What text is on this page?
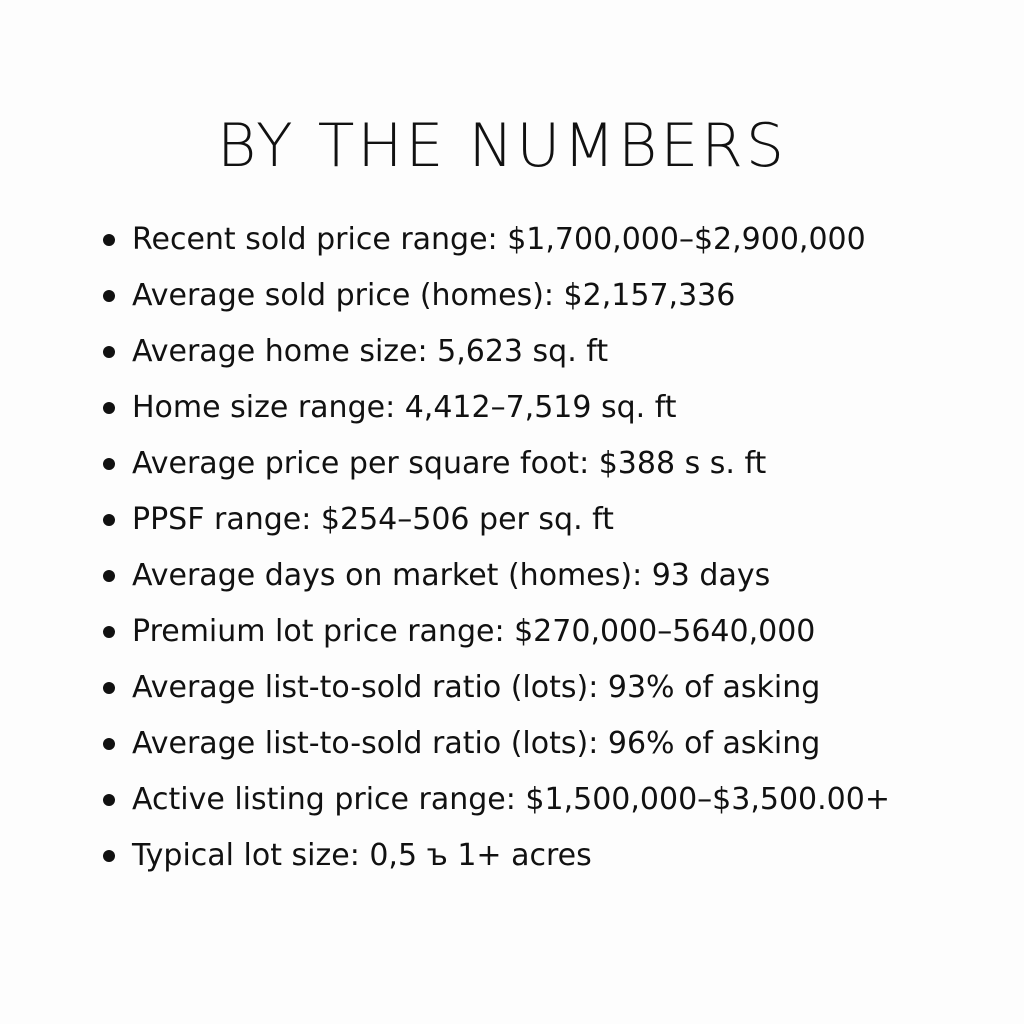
BY THE NUMBERS
Recent sold price range: $1,700,000–$2,900,000
Average sold price (homes): $2,157,336
Average home size: 5,623 sq. ft
Home size range: 4,412–7,519 sq. ft
Average price per square foot: $388 s s. ft
PPSF range: $254–506 per sq. ft
Average days on market (homes): 93 days
Premium lot price range: $270,000–5640,000
Average list-to-sold ratio (lots): 93% of asking
Average list-to-sold ratio (lots): 96% of asking
Active listing price range: $1,500,000–$3,500.00+
Typical lot size: 0,5 ъ 1+ acres
